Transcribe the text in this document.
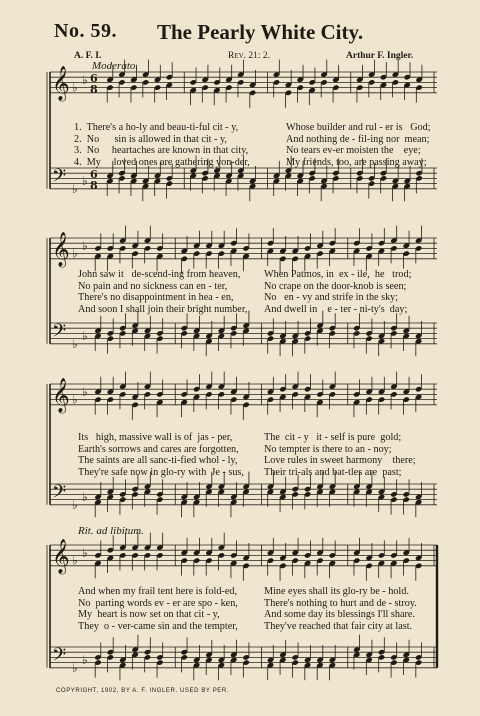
No. 59. The Pearly White City.
A. F. I.	Rev. 21: 2.	Arthur F. Ingler.
Moderato.
Rit. ad libitum.
𝄞
𝄢
♭
♭
♭
♭
6
8
6
8
𝄞
𝄢
♭
♭
♭
♭
𝄞
𝄢
♭
♭
♭
♭
𝄞
𝄢
♭
♭
♭
♭
1.  There's a ho-ly and beau-ti-ful cit - y,	Whose builder and rul - er is   God;
2.  No      sin is allowed in that cit - y,	And nothing de - fil-ing nor  mean;
3.  No     heartaches are known in that city,	No tears ev-er moisten the    eye;
4.  My     loved ones are gathering yon-der,	My friends, too, are passing away;
John saw it   de-scend-ing from heaven, When Patmos, in  ex - ile,  he   trod;
No pain and no sickness can en - ter,	No crape on the door-knob is seen;
There's no disappointment in hea - en,	No   en - vy and strife in the sky;
And soon I shall join their bright number, And dwell in    e - ter - ni-ty's  day;
Its   high, massive wall is of  jas - per,	The  cit - y   it - self is pure  gold;
Earth's sorrows and cares are forgotten, No tempter is there to an - noy;
The saints are all sanc-ti-fied whol - ly,	Love rules in sweet harmony    there;
They're safe now in glo-ry with  Je - sus, Their tri-als and bat-tles are  past;
And when my frail tent here is fold-ed,	Mine eyes shall its glo-ry be - hold.
No  parting words ev - er are spo - ken,	There's nothing to hurt and de - stroy.
My  heart is now set on that cit - y,	And some day its blessings I'll share.
They  o - ver-came sin and the tempter,	They've reached that fair city at last.
COPYRIGHT, 1902, BY A. F. INGLER. USED BY PER.
